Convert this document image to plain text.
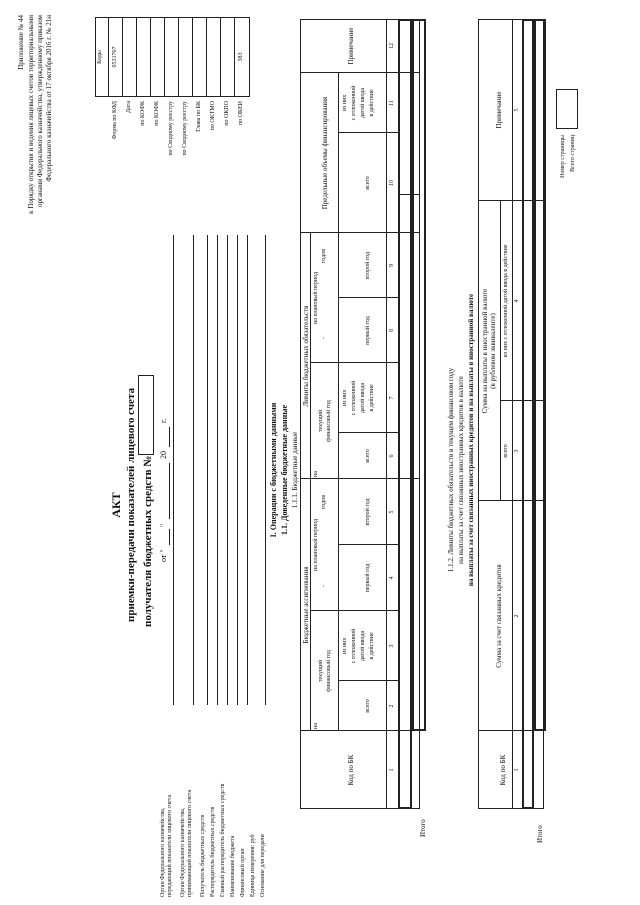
Приложение № 44 к Порядку открытия и ведения лицевых счетов территориальными органами Федерального казначейства, утвержденному приказом Федерального казначейства от 17 октября 2016 г. № 21н
АКТ приемки-передачи показателей лицевого счета получателя бюджетных средств № от "
"
20
г.
Коды
Форма по КФД
0531767
Дата по КОФК по КОФК по Сводному реестру по Сводному реестру Глава по БК по ОКТМО по ОКПО по ОКЕИ
383
Орган Федерального казначейства, передающий показатели лицевого счета Орган Федерального казначейства, принимающий показатели лицевого счета Получатель бюджетных средств Распорядитель бюджетных средств Главный распорядитель бюджетных средств Наименование бюджета Финансовый орган Единица измерения: руб Основание для передачи
I. Операции с бюджетными данными 1.1. Доведенные бюджетные данные 1.1.1. Бюджетные данные
Код по БК
Бюджетные ассигнования
Лимиты бюджетных обязательств
Предельные объемы финансирования
Примечание
на
текущий финансовый год
на плановый период
-
годов
всего
из них с отложенной датой ввода в действие
первый год
второй год
на
текущий финансовый год
на плановый период
-
годов
всего
из них с отложенной датой ввода в действие
первый год
второй год
всего
из них с отложенной датой ввода в действие
1
2
3
4
5
6
7
8
9
10
11
12
Итого
1.1.2. Лимиты бюджетных обязательств в текущем финансовом году на выплаты за счет связанных иностранных кредитов в валюте на выплаты за счет связанных иностранных кредитов и на выплаты в иностранной валюте
Код по БК
Сумма за счет связанных кредитов
Сумма на выплаты в иностранной валюте (в рублевом эквиваленте)
всего
из них с отложенной датой ввода в действие
Примечание
1
2
3
4
5
Итого
Номер страницы Всего страниц
